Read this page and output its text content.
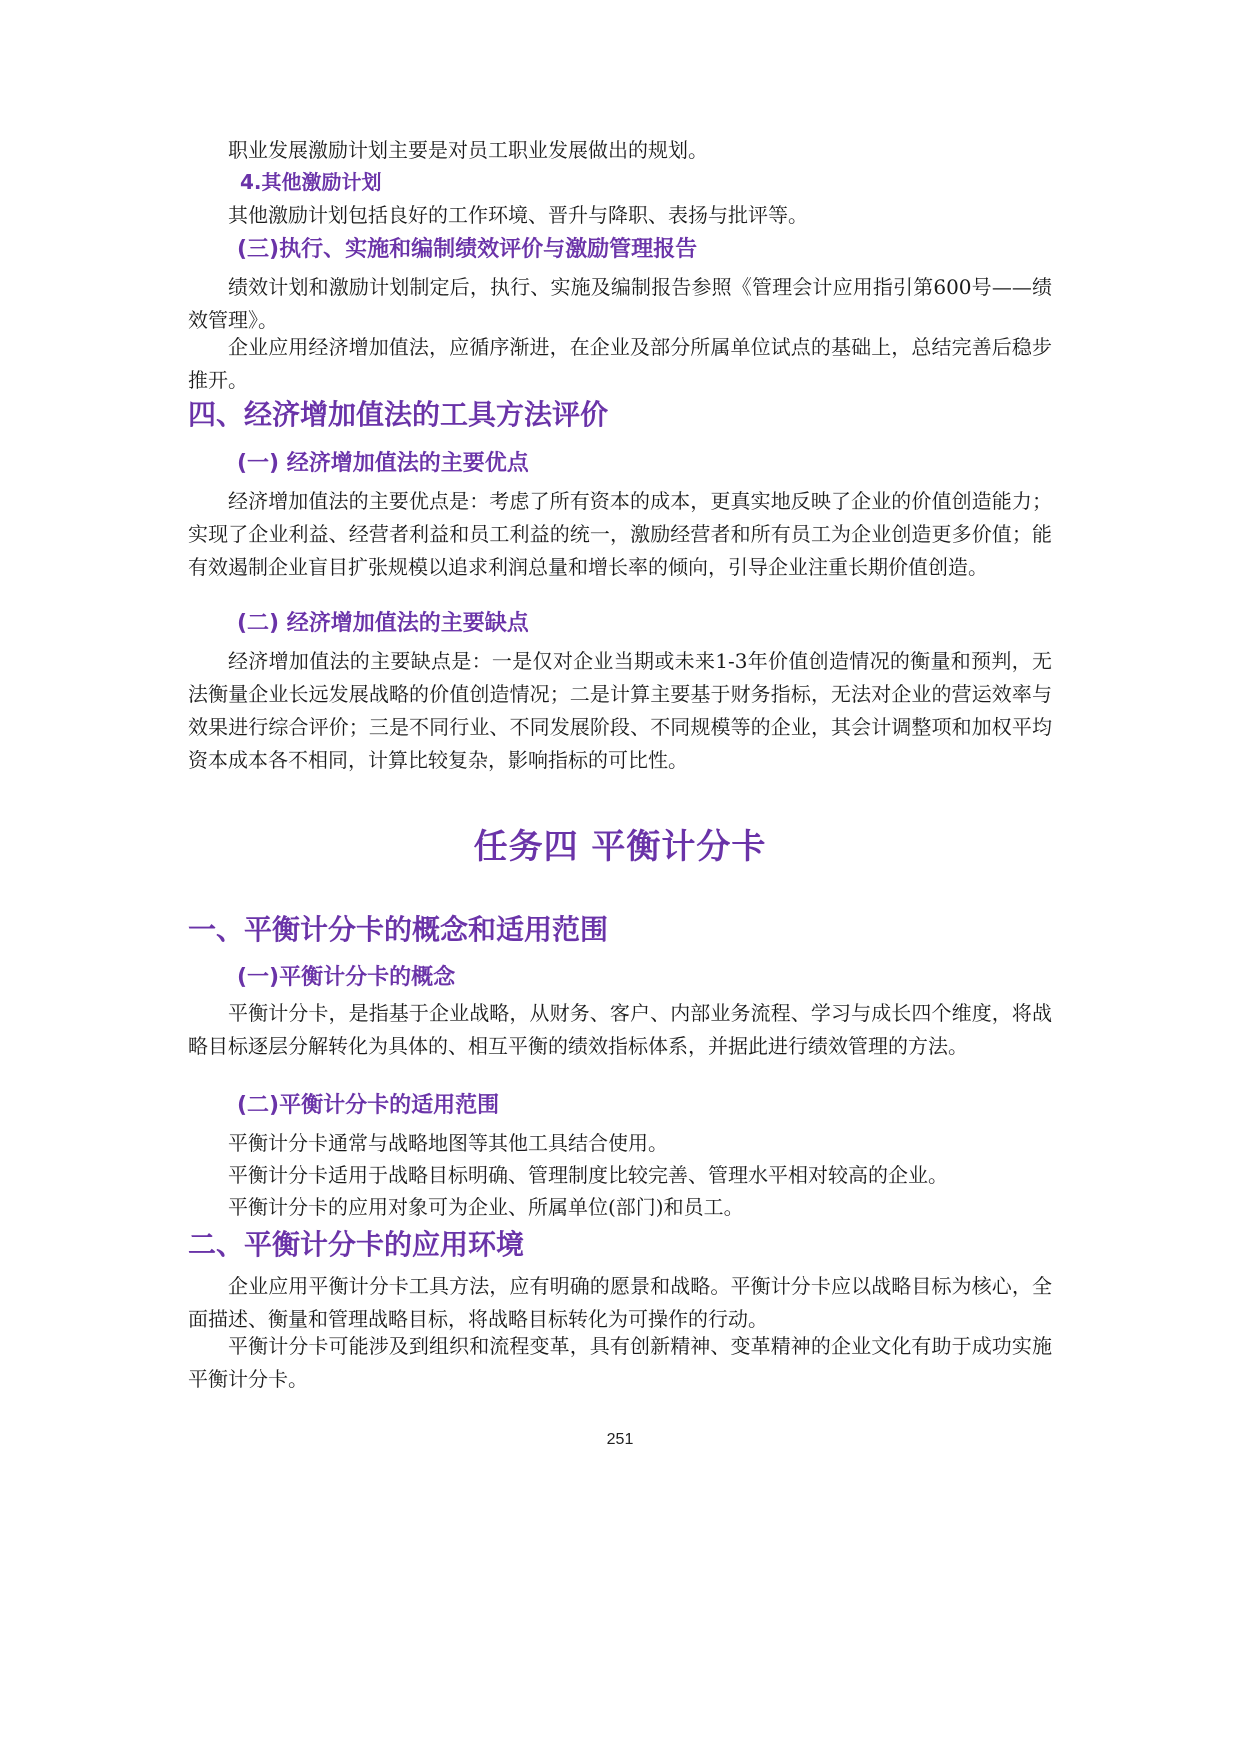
职业发展激励计划主要是对员工职业发展做出的规划。

4.其他激励计划

其他激励计划包括良好的工作环境、晋升与降职、表扬与批评等。

(三)执行、实施和编制绩效评价与激励管理报告

绩效计划和激励计划制定后，执行、实施及编制报告参照《管理会计应用指引第600号——绩效管理》。

企业应用经济增加值法，应循序渐进，在企业及部分所属单位试点的基础上，总结完善后稳步推开。

四、经济增加值法的工具方法评价
(一) 经济增加值法的主要优点

经济增加值法的主要优点是：考虑了所有资本的成本，更真实地反映了企业的价值创造能力；实现了企业利益、经营者利益和员工利益的统一，激励经营者和所有员工为企业创造更多价值；能有效遏制企业盲目扩张规模以追求利润总量和增长率的倾向，引导企业注重长期价值创造。

(二) 经济增加值法的主要缺点

经济增加值法的主要缺点是：一是仅对企业当期或未来1-3年价值创造情况的衡量和预判，无法衡量企业长远发展战略的价值创造情况；二是计算主要基于财务指标，无法对企业的营运效率与效果进行综合评价；三是不同行业、不同发展阶段、不同规模等的企业，其会计调整项和加权平均资本成本各不相同，计算比较复杂，影响指标的可比性。

任务四 平衡计分卡
一、平衡计分卡的概念和适用范围
(一)平衡计分卡的概念

平衡计分卡，是指基于企业战略，从财务、客户、内部业务流程、学习与成长四个维度，将战略目标逐层分解转化为具体的、相互平衡的绩效指标体系，并据此进行绩效管理的方法。

(二)平衡计分卡的适用范围

平衡计分卡通常与战略地图等其他工具结合使用。

平衡计分卡适用于战略目标明确、管理制度比较完善、管理水平相对较高的企业。

平衡计分卡的应用对象可为企业、所属单位(部门)和员工。

二、平衡计分卡的应用环境

企业应用平衡计分卡工具方法，应有明确的愿景和战略。平衡计分卡应以战略目标为核心，全面描述、衡量和管理战略目标，将战略目标转化为可操作的行动。

平衡计分卡可能涉及到组织和流程变革，具有创新精神、变革精神的企业文化有助于成功实施平衡计分卡。

251
